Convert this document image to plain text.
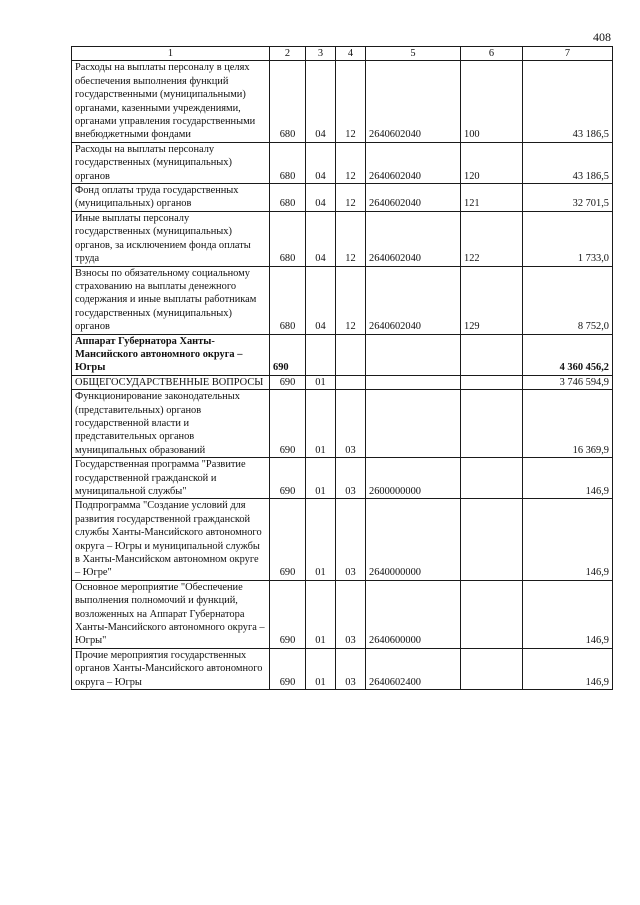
408
1	2	3	4	5	6	7
Расходы на выплаты персоналу в целях обеспечения выполнения функций государственными (муниципальными) органами, казенными учреждениями, органами управления государственными внебюджетными фондами	680	04	12	2640602040	100	43 186,5
Расходы на выплаты персоналу государственных (муниципальных) органов	680	04	12	2640602040	120	43 186,5
Фонд оплаты труда государственных (муниципальных) органов	680	04	12	2640602040	121	32 701,5
Иные выплаты персоналу государственных (муниципальных) органов, за исключением фонда оплаты труда	680	04	12	2640602040	122	1 733,0
Взносы по обязательному социальному страхованию на выплаты денежного содержания и иные выплаты работникам государственных (муниципальных) органов	680	04	12	2640602040	129	8 752,0
Аппарат Губернатора Ханты-Мансийского автономного округа – Югры	690					4 360 456,2
ОБЩЕГОСУДАРСТВЕННЫЕ ВОПРОСЫ	690	01				3 746 594,9
Функционирование законодательных (представительных) органов государственной власти и представительных органов муниципальных образований	690	01	03			16 369,9
Государственная программа "Развитие государственной гражданской и муниципальной службы"	690	01	03	2600000000		146,9
Подпрограмма "Создание условий для развития государственной гражданской службы Ханты-Мансийского автономного округа – Югры и муниципальной службы в Ханты-Мансийском автономном округе – Югре"	690	01	03	2640000000		146,9
Основное мероприятие "Обеспечение выполнения полномочий и функций, возложенных на Аппарат Губернатора Ханты-Мансийского автономного округа – Югры"	690	01	03	2640600000		146,9
Прочие мероприятия государственных органов Ханты-Мансийского автономного округа – Югры	690	01	03	2640602400		146,9
